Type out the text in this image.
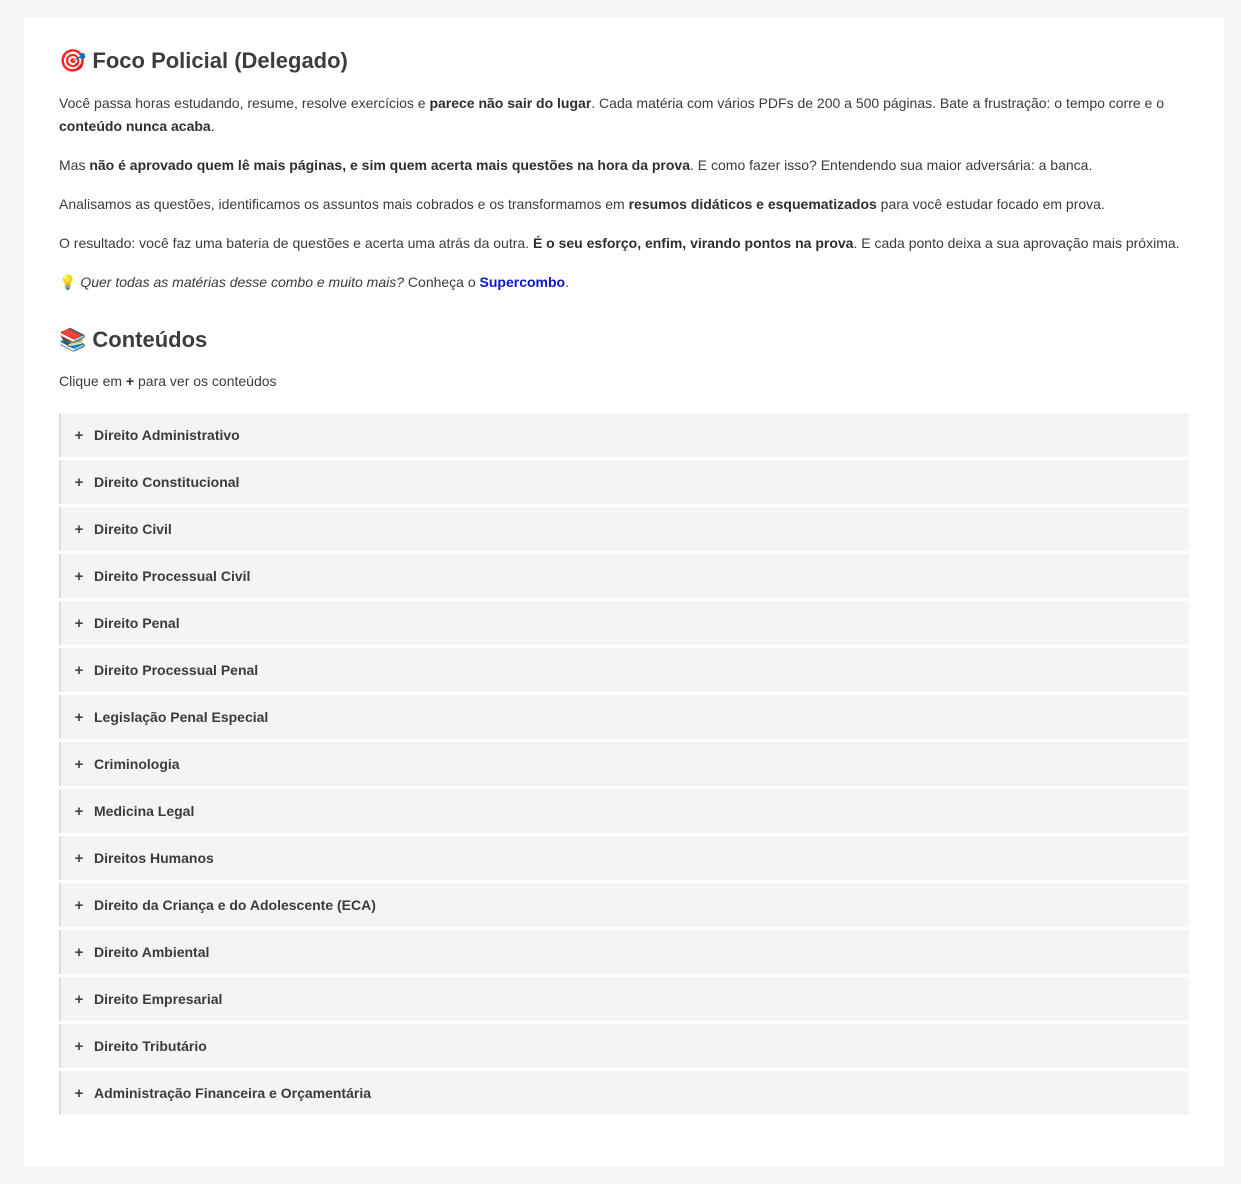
🎯 Foco Policial (Delegado)

Você passa horas estudando, resume, resolve exercícios e parece não sair do lugar. Cada matéria com vários PDFs de 200 a 500 páginas. Bate a frustração: o tempo corre e o conteúdo nunca acaba.

Mas não é aprovado quem lê mais páginas, e sim quem acerta mais questões na hora da prova. E como fazer isso? Entendendo sua maior adversária: a banca.

Analisamos as questões, identificamos os assuntos mais cobrados e os transformamos em resumos didáticos e esquematizados para você estudar focado em prova.

O resultado: você faz uma bateria de questões e acerta uma atrás da outra. É o seu esforço, enfim, virando pontos na prova. E cada ponto deixa a sua aprovação mais próxima.

💡 Quer todas as matérias desse combo e muito mais? Conheça o Supercombo.

📚 Conteúdos

Clique em + para ver os conteúdos

+ Direito Administrativo
+ Direito Constitucional
+ Direito Civil
+ Direito Processual Civil
+ Direito Penal
+ Direito Processual Penal
+ Legislação Penal Especial
+ Criminologia
+ Medicina Legal
+ Direitos Humanos
+ Direito da Criança e do Adolescente (ECA)
+ Direito Ambiental
+ Direito Empresarial
+ Direito Tributário
+ Administração Financeira e Orçamentária
